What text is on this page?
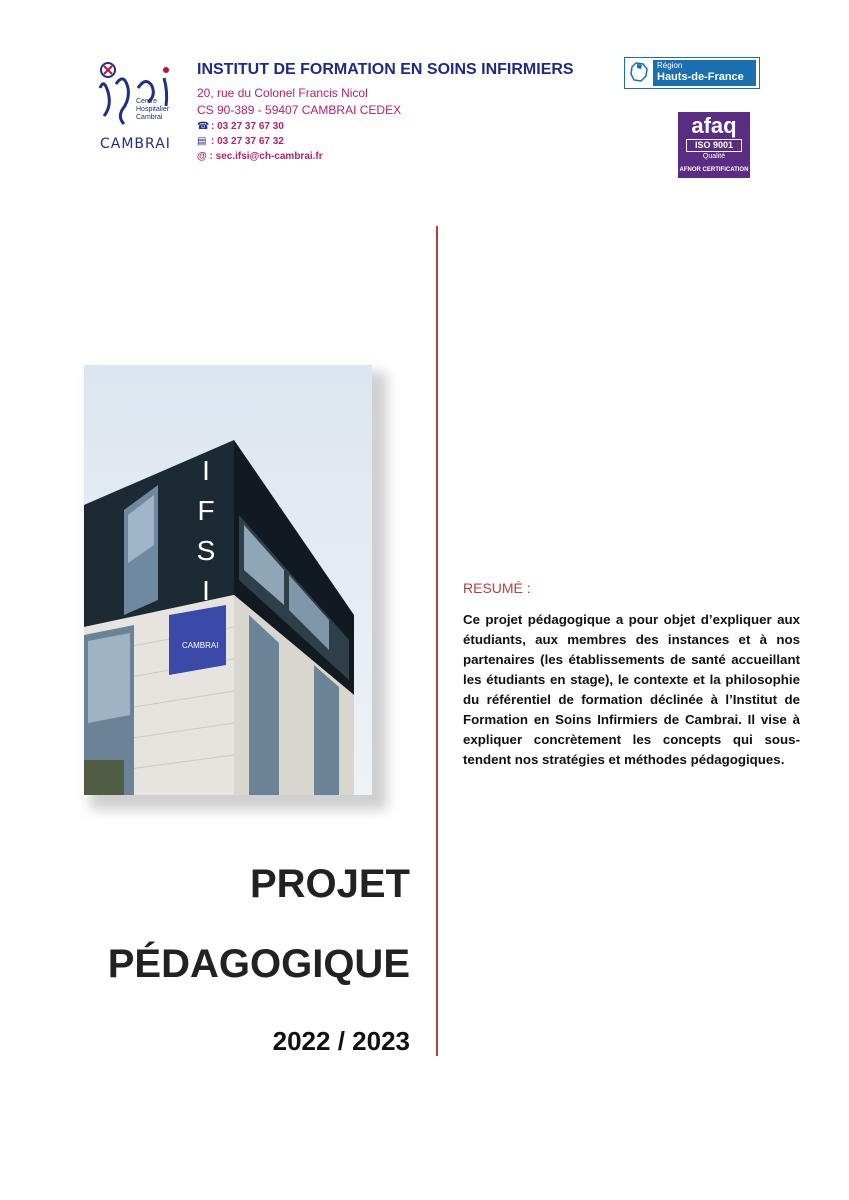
Centre
Hospitalier
Cambrai
CAMBRAI
INSTITUT DE FORMATION EN SOINS INFIRMIERS
20, rue du Colonel Francis Nicol
CS 90-389 - 59407 CAMBRAI CEDEX
☎ : 03 27 37 67 30
▤ : 03 27 37 67 32
@ : sec.ifsi@ch-cambrai.fr
Région
Hauts-de-France
afaq
ISO 9001
Qualité
AFNOR CERTIFICATION
IFSI
CAMBRAI
RESUMÉ :
Ce projet pédagogique a pour objet d’expliquer aux étudiants, aux membres des instances et à nos partenaires (les établissements de santé accueillant les étudiants en stage), le contexte et la philosophie du référentiel de formation déclinée à l’Institut de Formation en Soins Infirmiers de Cambrai. Il vise à expliquer concrètement les concepts qui sous-tendent nos stratégies et méthodes pédagogiques.
PROJET
PÉDAGOGIQUE
2022 / 2023
